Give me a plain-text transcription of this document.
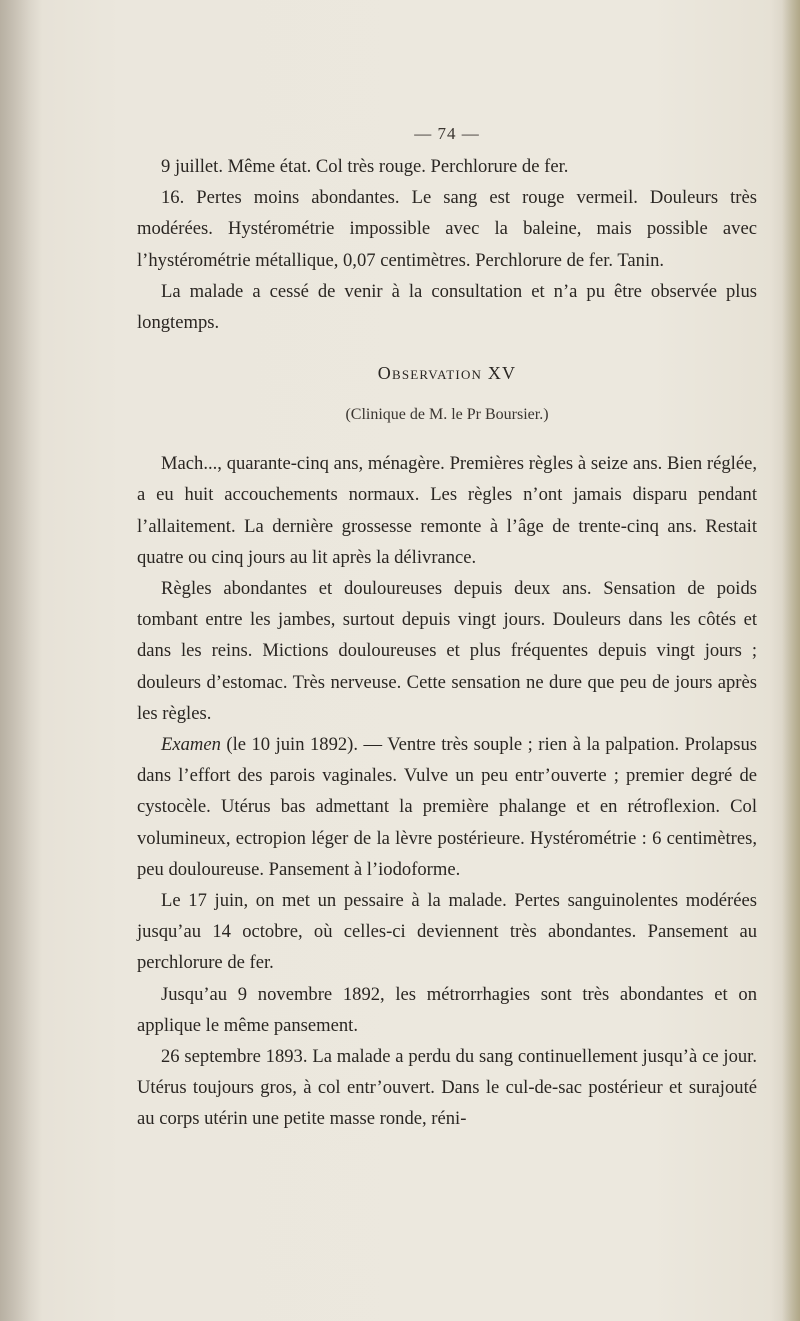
— 74 —

9 juillet. Même état. Col très rouge. Perchlorure de fer.

16. Pertes moins abondantes. Le sang est rouge vermeil. Douleurs très modérées. Hystérométrie impossible avec la baleine, mais possible avec l’hystérométrie métallique, 0,07 centimètres. Perchlorure de fer. Tanin.

La malade a cessé de venir à la consultation et n’a pu être observée plus longtemps.

Observation XV
(Clinique de M. le Pr Boursier.)

Mach..., quarante-cinq ans, ménagère. Premières règles à seize ans. Bien réglée, a eu huit accouchements normaux. Les règles n’ont jamais disparu pendant l’allaitement. La dernière grossesse remonte à l’âge de trente-cinq ans. Restait quatre ou cinq jours au lit après la délivrance.

Règles abondantes et douloureuses depuis deux ans. Sensation de poids tombant entre les jambes, surtout depuis vingt jours. Douleurs dans les côtés et dans les reins. Mictions douloureuses et plus fréquentes depuis vingt jours ; douleurs d’estomac. Très nerveuse. Cette sensation ne dure que peu de jours après les règles.

Examen (le 10 juin 1892). — Ventre très souple ; rien à la palpation. Prolapsus dans l’effort des parois vaginales. Vulve un peu entr’ouverte ; premier degré de cystocèle. Utérus bas admettant la première phalange et en rétroflexion. Col volumineux, ectropion léger de la lèvre postérieure. Hystérométrie : 6 centimètres, peu douloureuse. Pansement à l’iodoforme.

Le 17 juin, on met un pessaire à la malade. Pertes sanguinolentes modérées jusqu’au 14 octobre, où celles-ci deviennent très abondantes. Pansement au perchlorure de fer.

Jusqu’au 9 novembre 1892, les métrorrhagies sont très abondantes et on applique le même pansement.

26 septembre 1893. La malade a perdu du sang continuellement jusqu’à ce jour. Utérus toujours gros, à col entr’ouvert. Dans le cul-de-sac postérieur et surajouté au corps utérin une petite masse ronde, réni-
